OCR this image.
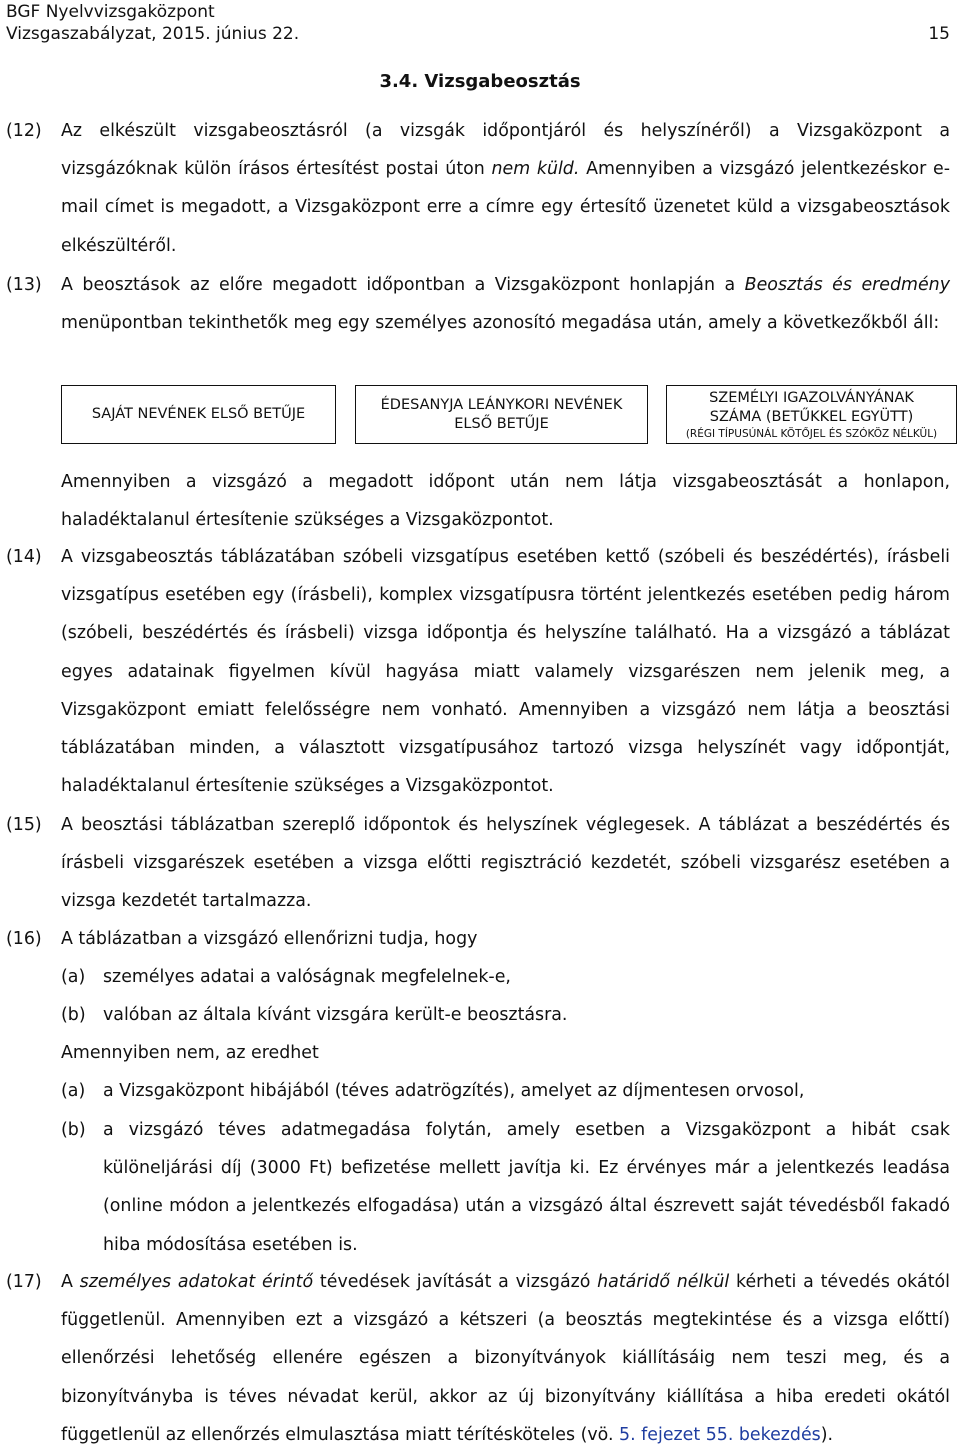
BGF Nyelvvizsgaközpont
Vizsgaszabályzat, 2015. június 22.	15
3.4. Vizsgabeosztás
(12) Az elkészült vizsgabeosztásról (a vizsgák időpontjáról és helyszínéről) a Vizsgaközpont a vizsgázóknak külön írásos értesítést postai úton nem küld. Amennyiben a vizsgázó jelentkezéskor e-mail címet is megadott, a Vizsgaközpont erre a címre egy értesítő üzenetet küld a vizsgabeosztások elkészültéről.

(13) A beosztások az előre megadott időpontban a Vizsgaközpont honlapján a Beosztás és eredmény menüpontban tekinthetők meg egy személyes azonosító megadása után, amely a következőkből áll:

SAJÁT NEVÉNEK ELSŐ BETŰJE
ÉDESANYJA LEÁNYKORI NEVÉNEK ELSŐ BETŰJE
SZEMÉLYI IGAZOLVÁNYÁNAK SZÁMA (BETŰKKEL EGYÜTT)
(RÉGI TÍPUSÚNÁL KÖTŐJEL ÉS SZÓKÖZ NÉLKÜL)

Amennyiben a vizsgázó a megadott időpont után nem látja vizsgabeosztását a honlapon, haladéktalanul értesítenie szükséges a Vizsgaközpontot.

(14) A vizsgabeosztás táblázatában szóbeli vizsgatípus esetében kettő (szóbeli és beszédértés), írásbeli vizsgatípus esetében egy (írásbeli), komplex vizsgatípusra történt jelentkezés esetében pedig három (szóbeli, beszédértés és írásbeli) vizsga időpontja és helyszíne található. Ha a vizsgázó a táblázat egyes adatainak figyelmen kívül hagyása miatt valamely vizsgarészen nem jelenik meg, a Vizsgaközpont emiatt felelősségre nem vonható. Amennyiben a vizsgázó nem látja a beosztási táblázatában minden, a választott vizsgatípusához tartozó vizsga helyszínét vagy időpontját, haladéktalanul értesítenie szükséges a Vizsgaközpontot.

(15) A beosztási táblázatban szereplő időpontok és helyszínek véglegesek. A táblázat a beszédértés és írásbeli vizsgarészek esetében a vizsga előtti regisztráció kezdetét, szóbeli vizsgarész esetében a vizsga kezdetét tartalmazza.

(16) A táblázatban a vizsgázó ellenőrizni tudja, hogy

(a) személyes adatai a valóságnak megfelelnek-e,

(b) valóban az általa kívánt vizsgára került-e beosztásra.

Amennyiben nem, az eredhet

(a) a Vizsgaközpont hibájából (téves adatrögzítés), amelyet az díjmentesen orvosol,

(b) a vizsgázó téves adatmegadása folytán, amely esetben a Vizsgaközpont a hibát csak különeljárási díj (3000 Ft) befizetése mellett javítja ki. Ez érvényes már a jelentkezés leadása (online módon a jelentkezés elfogadása) után a vizsgázó által észrevett saját tévedésből fakadó hiba módosítása esetében is.

(17) A személyes adatokat érintő tévedések javítását a vizsgázó határidő nélkül kérheti a tévedés okától függetlenül. Amennyiben ezt a vizsgázó a kétszeri (a beosztás megtekintése és a vizsga előttí) ellenőrzési lehetőség ellenére egészen a bizonyítványok kiállításáig nem teszi meg, és a bizonyítványba is téves névadat kerül, akkor az új bizonyítvány kiállítása a hiba eredeti okától függetlenül az ellenőrzés elmulasztása miatt térítésköteles (vö. 5. fejezet 55. bekezdés).
